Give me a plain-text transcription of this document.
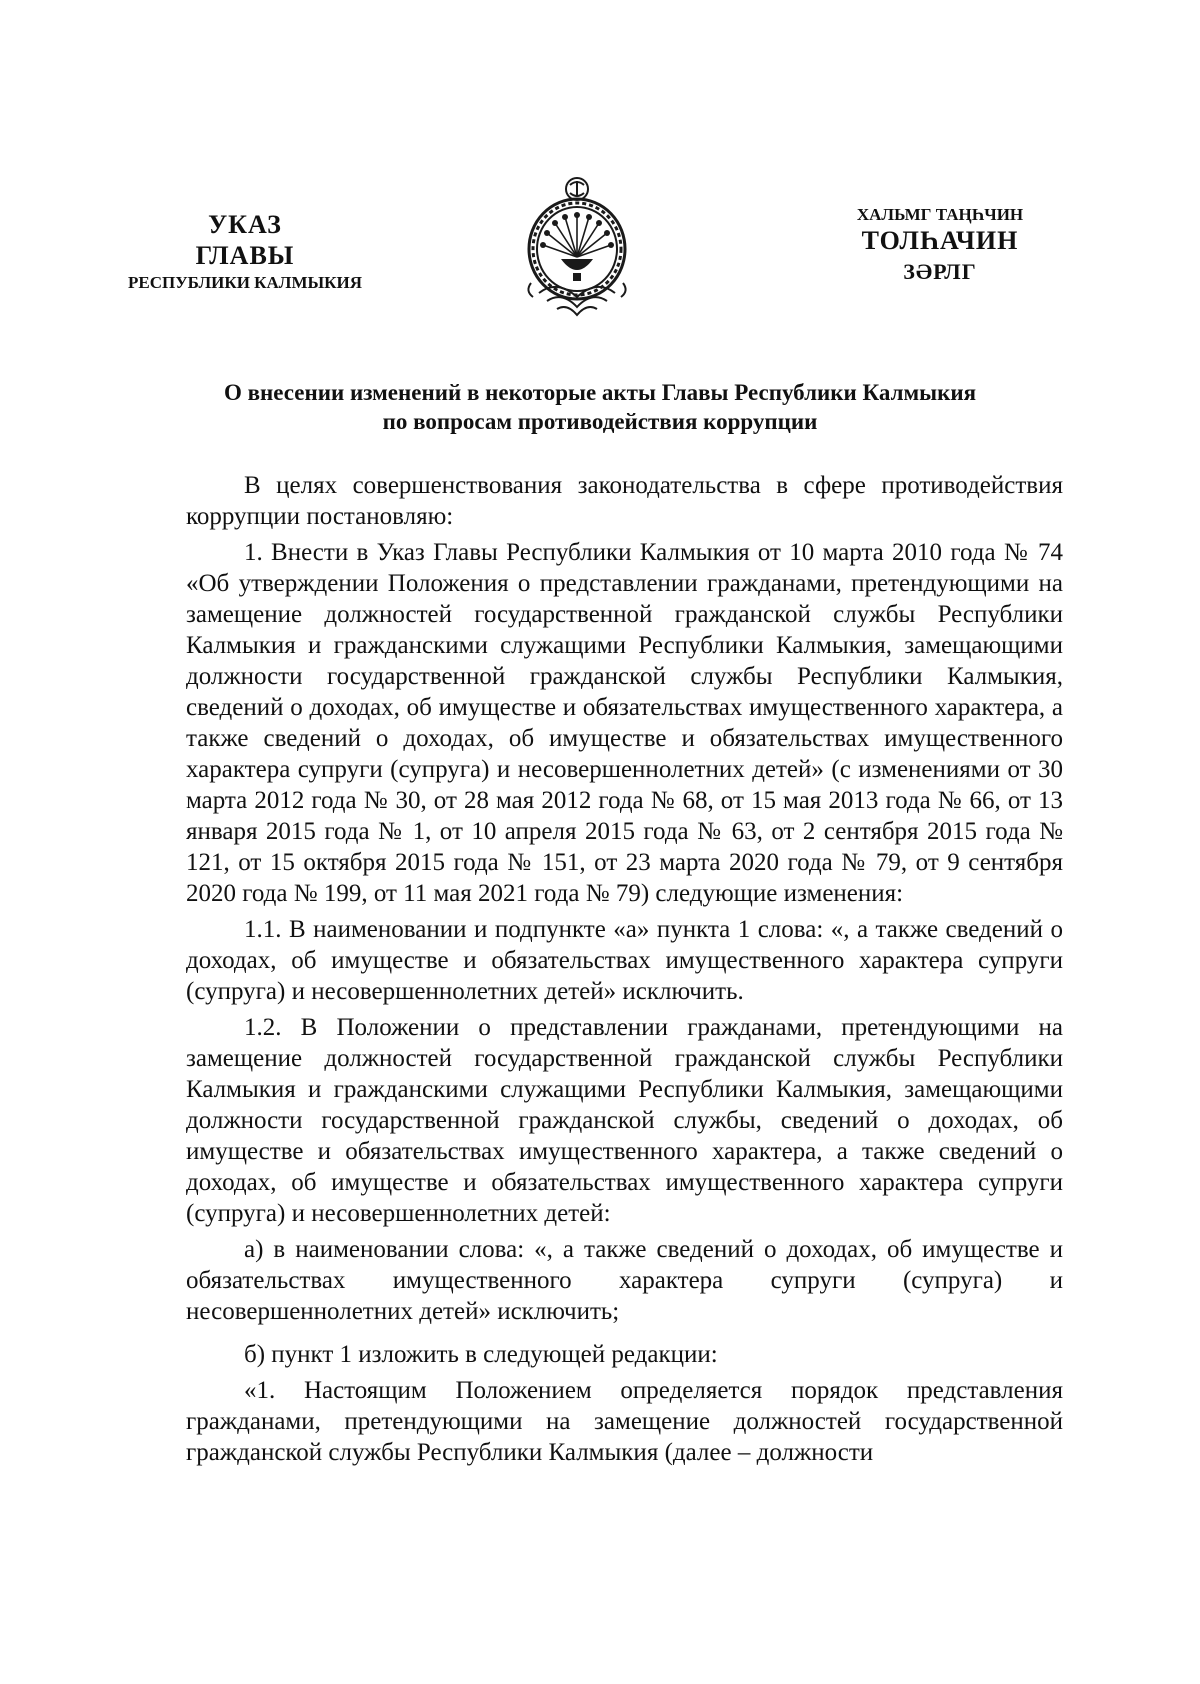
УКАЗ
ГЛАВЫ
РЕСПУБЛИКИ КАЛМЫКИЯ
ХАЛЬМГ ТАҢҺЧИН
ТОЛҺАЧИН
ЗӘРЛГ
О внесении изменений в некоторые акты Главы Республики Калмыкия
по вопросам противодействия коррупции

В целях совершенствования законодательства в сфере противодействия коррупции постановляю:

1. Внести в Указ Главы Республики Калмыкия от 10 марта 2010 года № 74 «Об утверждении Положения о представлении гражданами, претендующими на замещение должностей государственной гражданской службы Республики Калмыкия и гражданскими служащими Республики Калмыкия, замещающими должности государственной гражданской службы Республики Калмыкия, сведений о доходах, об имуществе и обязательствах имущественного характера, а также сведений о доходах, об имуществе и обязательствах имущественного характера супруги (супруга) и несовершеннолетних детей» (с изменениями от 30 марта 2012 года № 30, от 28 мая 2012 года № 68, от 15 мая 2013 года № 66, от 13 января 2015 года № 1, от 10 апреля 2015 года № 63, от 2 сентября 2015 года № 121, от 15 октября 2015 года № 151, от 23 марта 2020 года № 79, от 9 сентября 2020 года № 199, от 11 мая 2021 года № 79) следующие изменения:

1.1. В наименовании и подпункте «а» пункта 1 слова: «, а также сведений о доходах, об имуществе и обязательствах имущественного характера супруги (супруга) и несовершеннолетних детей» исключить.

1.2. В Положении о представлении гражданами, претендующими на замещение должностей государственной гражданской службы Республики Калмыкия и гражданскими служащими Республики Калмыкия, замещающими должности государственной гражданской службы, сведений о доходах, об имуществе и обязательствах имущественного характера, а также сведений о доходах, об имуществе и обязательствах имущественного характера супруги (супруга) и несовершеннолетних детей:

а) в наименовании слова: «, а также сведений о доходах, об имуществе и обязательствах имущественного характера супруги (супруга) и несовершеннолетних детей» исключить;

б) пункт 1 изложить в следующей редакции:

«1. Настоящим Положением определяется порядок представления гражданами, претендующими на замещение должностей государственной гражданской службы Республики Калмыкия (далее – должности
